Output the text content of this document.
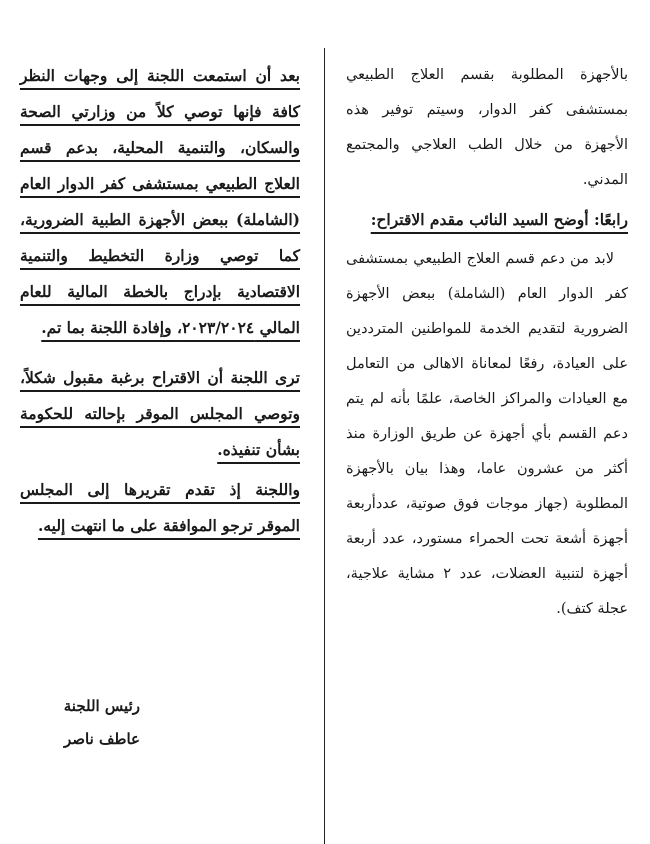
بالأجهزة المطلوبة بقسم العلاج الطبيعي بمستشفى كفر الدوار، وسيتم توفير هذه الأجهزة من خلال الطب العلاجي والمجتمع المدني.

رابعًا: أوضح السيد النائب مقدم الاقتراح:

لابد من دعم قسم العلاج الطبيعي بمستشفى كفر الدوار العام (الشاملة) ببعض الأجهزة الضرورية لتقديم الخدمة للمواطنين المترددين على العيادة، رفعًا لمعاناة الاهالى من التعامل مع العيادات والمراكز الخاصة، علمًا بأنه لم يتم دعم القسم بأي أجهزة عن طريق الوزارة منذ أكثر من عشرون عاما، وهذا بيان بالأجهزة المطلوبة (جهاز موجات فوق صوتية، عددأربعة أجهزة أشعة تحت الحمراء مستورد، عدد أربعة أجهزة لتنبية العضلات، عدد ٢ مشاية علاجية، عجلة كتف).

بعد أن استمعت اللجنة إلى وجهات النظر كافة فإنها توصي كلاً من وزارتي الصحة والسكان، والتنمية المحلية، بدعم قسم العلاج الطبيعي بمستشفى كفر الدوار العام (الشاملة) ببعض الأجهزة الطبية الضرورية، كما توصي وزارة التخطيط والتنمية الاقتصادية بإدراج بالخطة المالية للعام المالي ٢٠٢٣/٢٠٢٤، وإفادة اللجنة بما تم.

ترى اللجنة أن الاقتراح برغبة مقبول شكلاً، وتوصي المجلس الموقر بإحالته للحكومة بشأن تنفيذه.

واللجنة إذ تقدم تقريرها إلى المجلس الموقر ترجو الموافقة على ما انتهت إليه.

رئيس اللجنة
عاطف ناصر
